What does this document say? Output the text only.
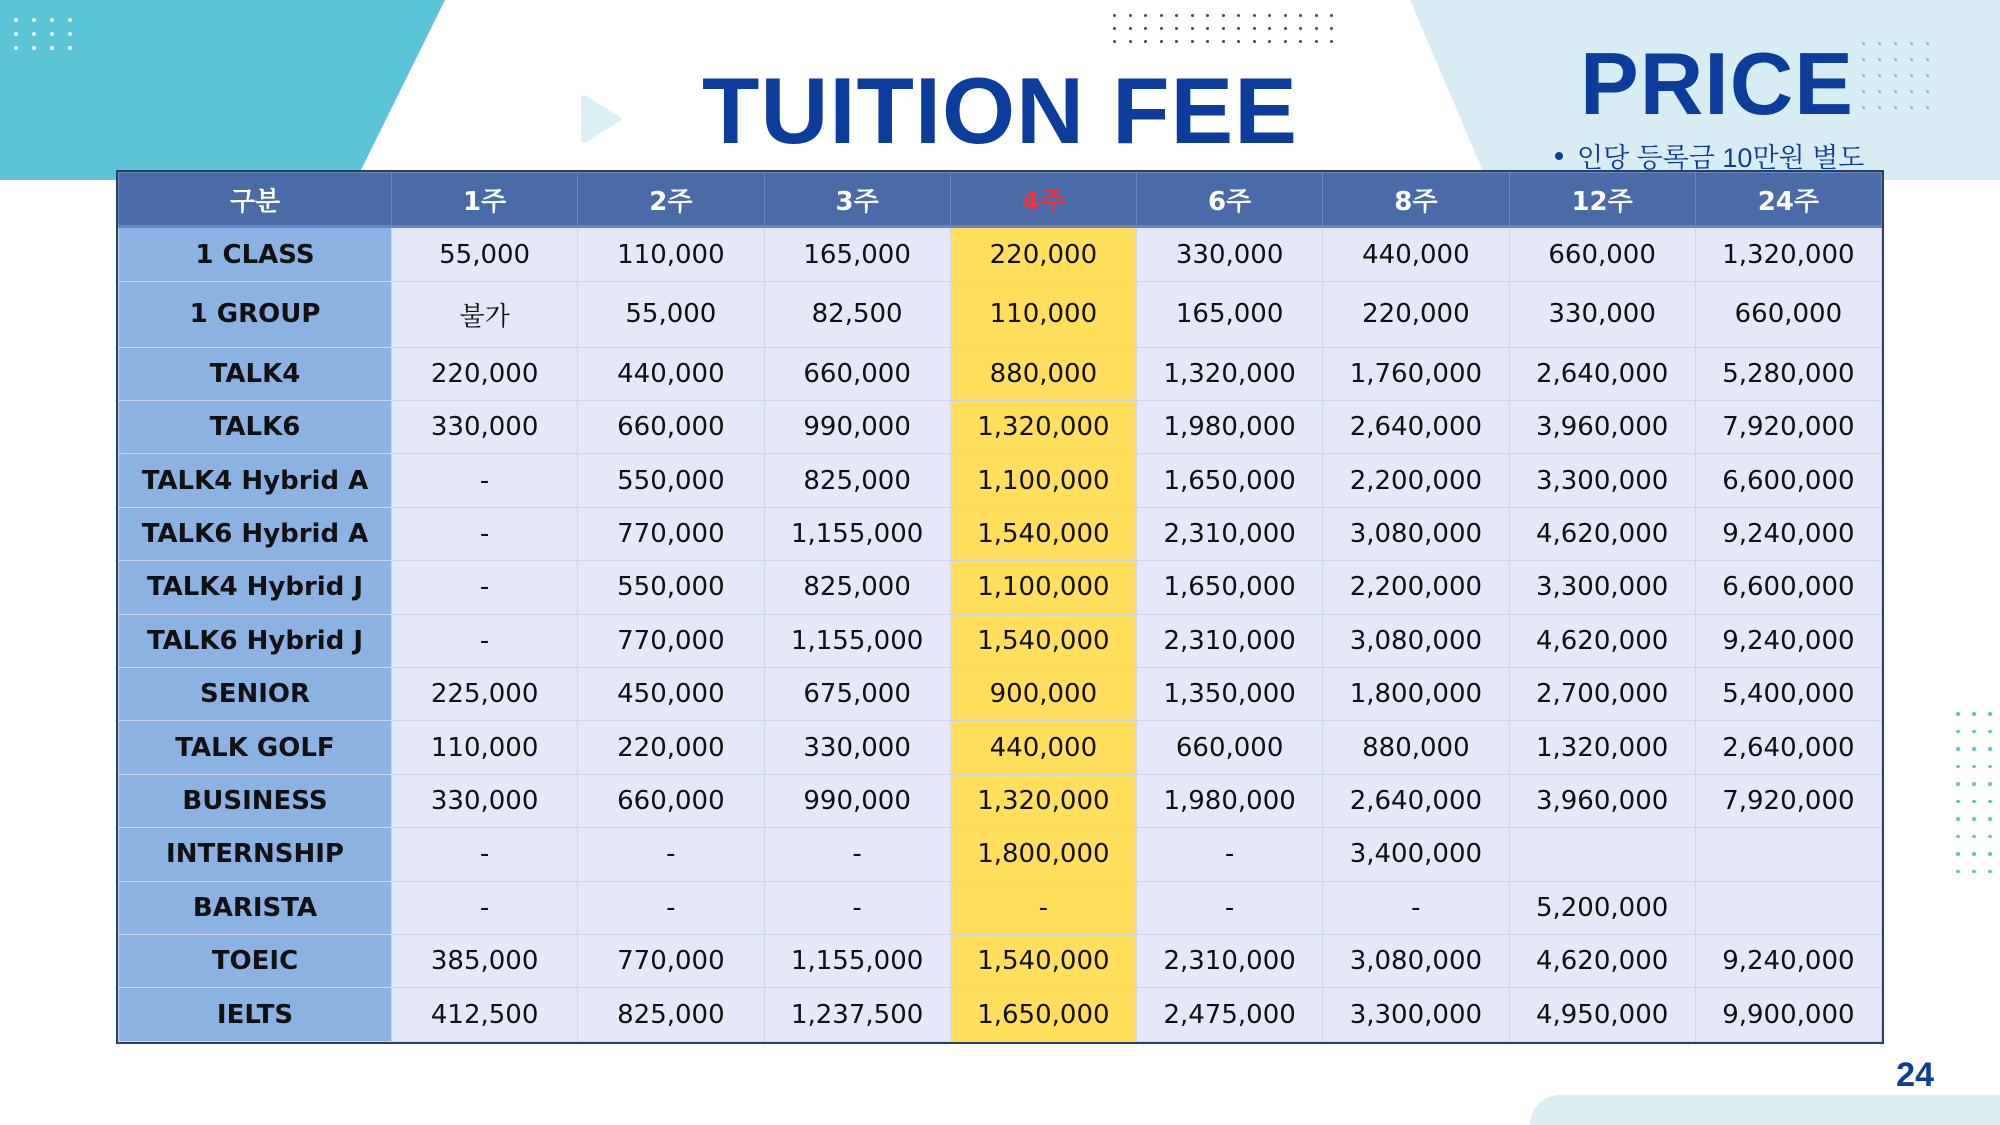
TUITION FEE	PRICE
인당 등록금 10만원 별도
구분	1주	2주	3주	4주	6주	8주	12주	24주
1 CLASS	55,000	110,000	165,000	220,000	330,000	440,000	660,000	1,320,000
1 GROUP	불가	55,000	82,500	110,000	165,000	220,000	330,000	660,000
TALK4	220,000	440,000	660,000	880,000	1,320,000	1,760,000	2,640,000	5,280,000
TALK6	330,000	660,000	990,000	1,320,000	1,980,000	2,640,000	3,960,000	7,920,000
TALK4 Hybrid A	-	550,000	825,000	1,100,000	1,650,000	2,200,000	3,300,000	6,600,000
TALK6 Hybrid A	-	770,000	1,155,000	1,540,000	2,310,000	3,080,000	4,620,000	9,240,000
TALK4 Hybrid J	-	550,000	825,000	1,100,000	1,650,000	2,200,000	3,300,000	6,600,000
TALK6 Hybrid J	-	770,000	1,155,000	1,540,000	2,310,000	3,080,000	4,620,000	9,240,000
SENIOR	225,000	450,000	675,000	900,000	1,350,000	1,800,000	2,700,000	5,400,000
TALK GOLF	110,000	220,000	330,000	440,000	660,000	880,000	1,320,000	2,640,000
BUSINESS	330,000	660,000	990,000	1,320,000	1,980,000	2,640,000	3,960,000	7,920,000
INTERNSHIP	-	-	-	1,800,000	-	3,400,000		
BARISTA	-	-	-	-	-	-	5,200,000	
TOEIC	385,000	770,000	1,155,000	1,540,000	2,310,000	3,080,000	4,620,000	9,240,000
IELTS	412,500	825,000	1,237,500	1,650,000	2,475,000	3,300,000	4,950,000	9,900,000
24
